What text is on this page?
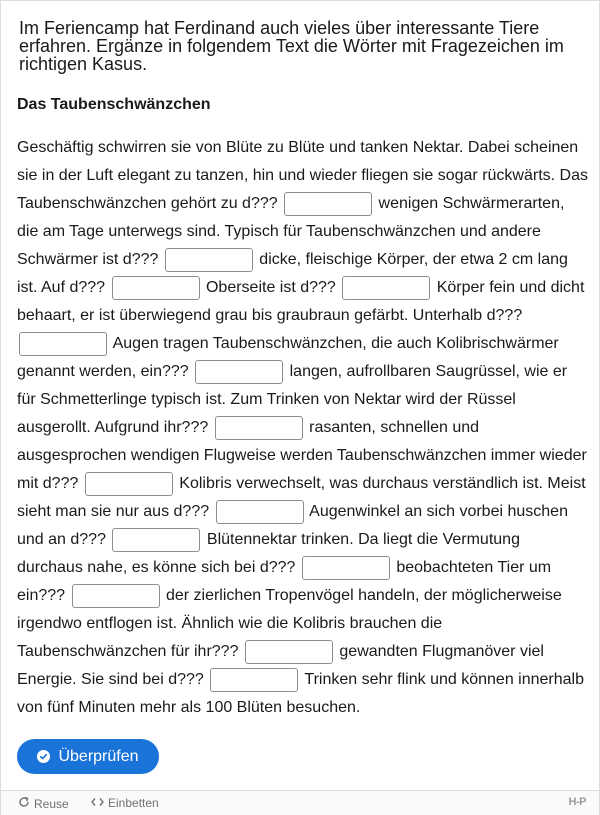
Im Feriencamp hat Ferdinand auch vieles über interessante Tiere erfahren. Ergänze in folgendem Text die Wörter mit Fragezeichen im richtigen Kasus.
Das Taubenschwänzchen
Geschäftig schwirren sie von Blüte zu Blüte und tanken Nektar. Dabei scheinen sie in der Luft elegant zu tanzen, hin und wieder fliegen sie sogar rückwärts. Das Taubenschwänzchen gehört zu d???	wenigen Schwärmerarten, die am Tage unterwegs sind. Typisch für Taubenschwänzchen und andere Schwärmer ist d???	dicke, fleischige Körper, der etwa 2 cm lang ist. Auf d???	Oberseite ist d???	Körper fein und dicht behaart, er ist überwiegend grau bis graubraun gefärbt. Unterhalb d???  Augen tragen Taubenschwänzchen, die auch Kolibrischwärmer genannt werden, ein???	langen, aufrollbaren Saugrüssel, wie er für Schmetterlinge typisch ist. Zum Trinken von Nektar wird der Rüssel ausgerollt. Aufgrund ihr???	rasanten, schnellen und ausgesprochen wendigen Flugweise werden Taubenschwänzchen immer wieder mit d???	Kolibris verwechselt, was durchaus verständlich ist. Meist sieht man sie nur aus d???	Augenwinkel an sich vorbei huschen und an d???	Blütennektar trinken. Da liegt die Vermutung durchaus nahe, es könne sich bei d???	beobachteten Tier um ein???	der zierlichen Tropenvögel handeln, der möglicherweise irgendwo entflogen ist. Ähnlich wie die Kolibris brauchen die Taubenschwänzchen für ihr???	gewandten Flugmanöver viel Energie. Sie sind bei d???	Trinken sehr flink und können innerhalb von fünf Minuten mehr als 100 Blüten besuchen.
Überprüfen
Reuse	Einbetten	H-P
